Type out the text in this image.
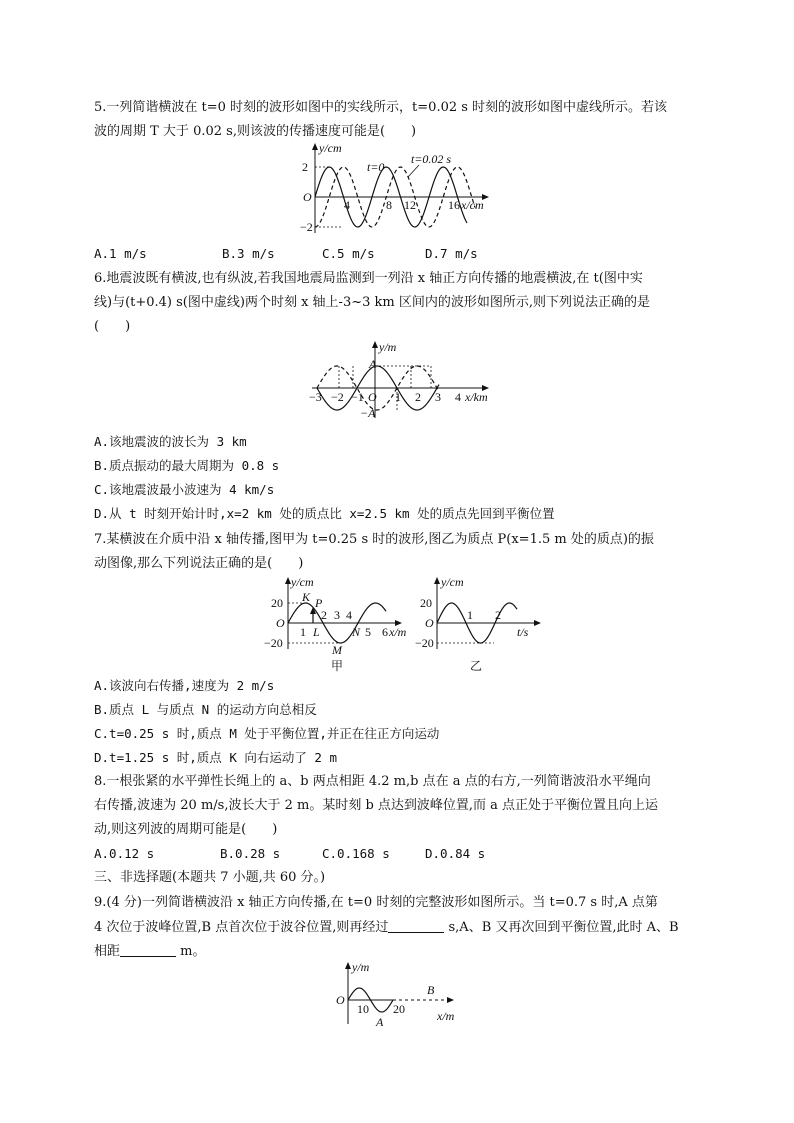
5.一列简谐横波在 t=0 时刻的波形如图中的实线所示，t=0.02 s 时刻的波形如图中虚线所示。若该
波的周期 T 大于 0.02 s,则该波的传播速度可能是(　　)
y/cm
2
−2
O
t=0
t=0.02 s
4	8 12	16 x/cm
A.1 m/s	B.3 m/s	C.5 m/s	D.7 m/s
6.地震波既有横波,也有纵波,若我国地震局监测到一列沿 x 轴正方向传播的地震横波,在 t(图中实
线)与(t+0.4) s(图中虚线)两个时刻 x 轴上-3~3 km 区间内的波形如图所示,则下列说法正确的是
(　　)
y/m
A
−A
O
−3 −2 −1	1 2 3 4 x/km
A.该地震波的波长为 3 km
B.质点振动的最大周期为 0.8 s
C.该地震波最小波速为 4 km/s
D.从 t 时刻开始计时,x=2 km 处的质点比 x=2.5 km 处的质点先回到平衡位置
7.某横波在介质中沿 x 轴传播,图甲为 t=0.25 s 时的波形,图乙为质点 P(x=1.5 m 处的质点)的振
动图像,那么下列说法正确的是(　　)
y/cm
20
−20
O
K P
L	N
M
1
2 3 4
5 6 x/m
甲
y/cm
20
−20
O
1 2
t/s
乙
A.该波向右传播,速度为 2 m/s
B.质点 L 与质点 N 的运动方向总相反
C.t=0.25 s 时,质点 M 处于平衡位置,并正在往正方向运动
D.t=1.25 s 时,质点 K 向右运动了 2 m
8.一根张紧的水平弹性长绳上的 a、b 两点相距 4.2 m,b 点在 a 点的右方,一列简谐波沿水平绳向
右传播,波速为 20 m/s,波长大于 2 m。某时刻 b 点达到波峰位置,而 a 点正处于平衡位置且向上运
动,则这列波的周期可能是(　　)
A.0.12 s	B.0.28 s	C.0.168 s	D.0.84 s
三、非选择题(本题共 7 小题,共 60 分。)
9.(4 分)一列简谐横波沿 x 轴正方向传播,在 t=0 时刻的完整波形如图所示。当 t=0.7 s 时,A 点第
4 次位于波峰位置,B 点首次位于波谷位置,则再经过	s,A、B 又再次回到平衡位置,此时 A、B
相距	m。
y/m
O
10 20
A
B
x/m
